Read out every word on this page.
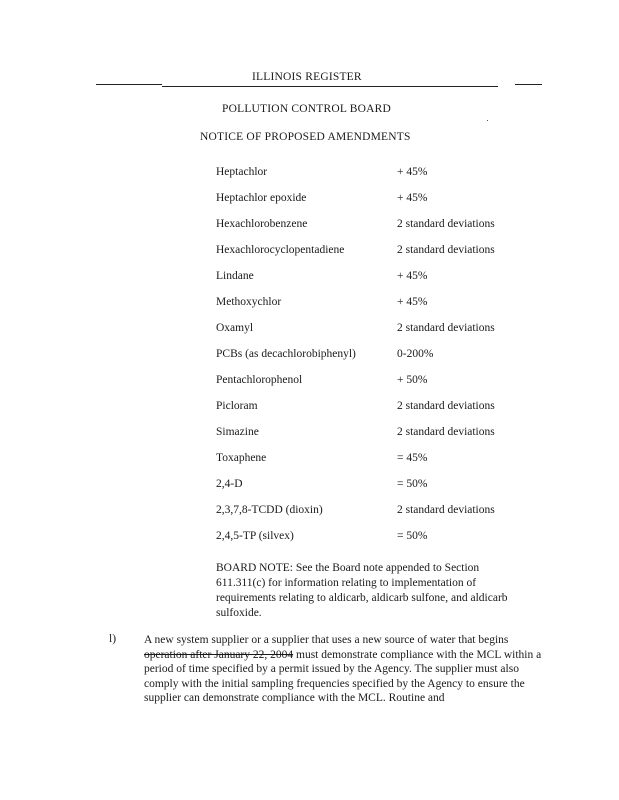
ILLINOIS REGISTER
POLLUTION CONTROL BOARD
NOTICE OF PROPOSED AMENDMENTS
Heptachlor	+ 45%
Heptachlor epoxide	+ 45%
Hexachlorobenzene	2 standard deviations
Hexachlorocyclopentadiene	2 standard deviations
Lindane	+ 45%
Methoxychlor	+ 45%
Oxamyl	2 standard deviations
PCBs (as decachlorobiphenyl)	0-200%
Pentachlorophenol	+ 50%
Picloram	2 standard deviations
Simazine	2 standard deviations
Toxaphene	= 45%
2,4-D	= 50%
2,3,7,8-TCDD (dioxin)	2 standard deviations
2,4,5-TP (silvex)	= 50%
BOARD NOTE: See the Board note appended to Section 611.311(c) for information relating to implementation of requirements relating to aldicarb, aldicarb sulfone, and aldicarb sulfoxide.
l) A new system supplier or a supplier that uses a new source of water that begins operation after January 22, 2004 must demonstrate compliance with the MCL within a period of time specified by a permit issued by the Agency. The supplier must also comply with the initial sampling frequencies specified by the Agency to ensure the supplier can demonstrate compliance with the MCL. Routine and
